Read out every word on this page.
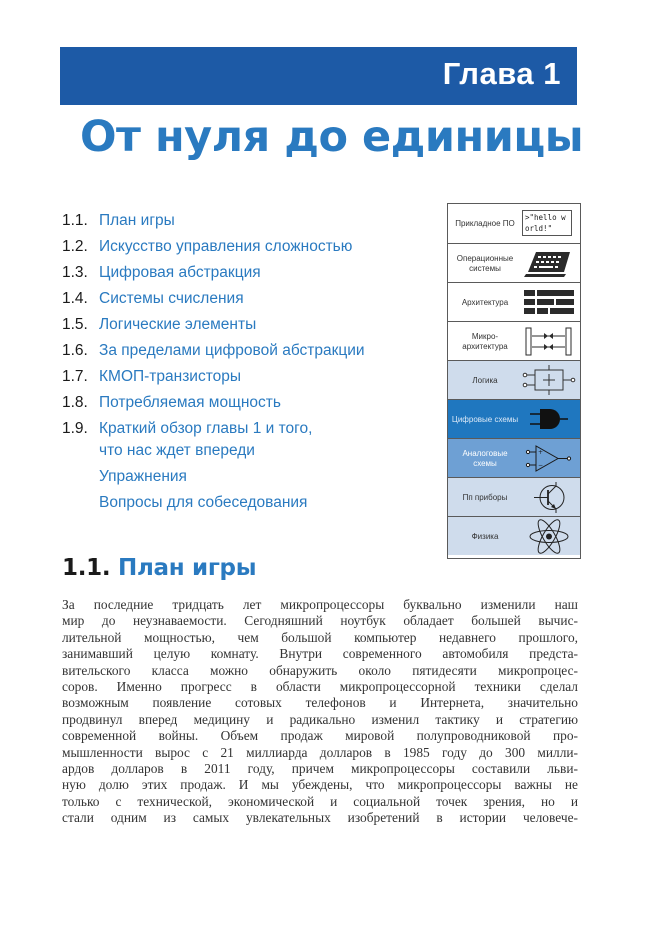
Глава 1
От нуля до единицы
1.1. План игры
1.2. Искусство управления сложностью
1.3. Цифровая абстракция
1.4. Системы счисления
1.5. Логические элементы
1.6. За пределами цифровой абстракции
1.7. КМОП-транзисторы
1.8. Потребляемая мощность
1.9. Краткий обзор главы 1 и того,
что нас ждет впереди
Упражнения
Вопросы для собеседования
Прикладное ПО
>"hello world!"
Операционные системы
Архитектура
Микро-архитектура
Логика
Цифровые схемы
Аналоговые схемы
+
−
Пп приборы
Физика
1.1. План игры
За последние тридцать лет микропроцессоры буквально изменили наш
мир до неузнаваемости. Сегодняшний ноутбук обладает большей вычис-
лительной мощностью, чем большой компьютер недавнего прошлого,
занимавший целую комнату. Внутри современного автомобиля предста-
вительского класса можно обнаружить около пятидесяти микропроцес-
соров. Именно прогресс в области микропроцессорной техники сделал
возможным появление сотовых телефонов и Интернета, значительно
продвинул вперед медицину и радикально изменил тактику и стратегию
современной войны. Объем продаж мировой полупроводниковой про-
мышленности вырос с 21 миллиарда долларов в 1985 году до 300 милли-
ардов долларов в 2011 году, причем микропроцессоры составили льви-
ную долю этих продаж. И мы убеждены, что микропроцессоры важны не
только с технической, экономической и социальной точек зрения, но и
стали одним из самых увлекательных изобретений в истории человече-
